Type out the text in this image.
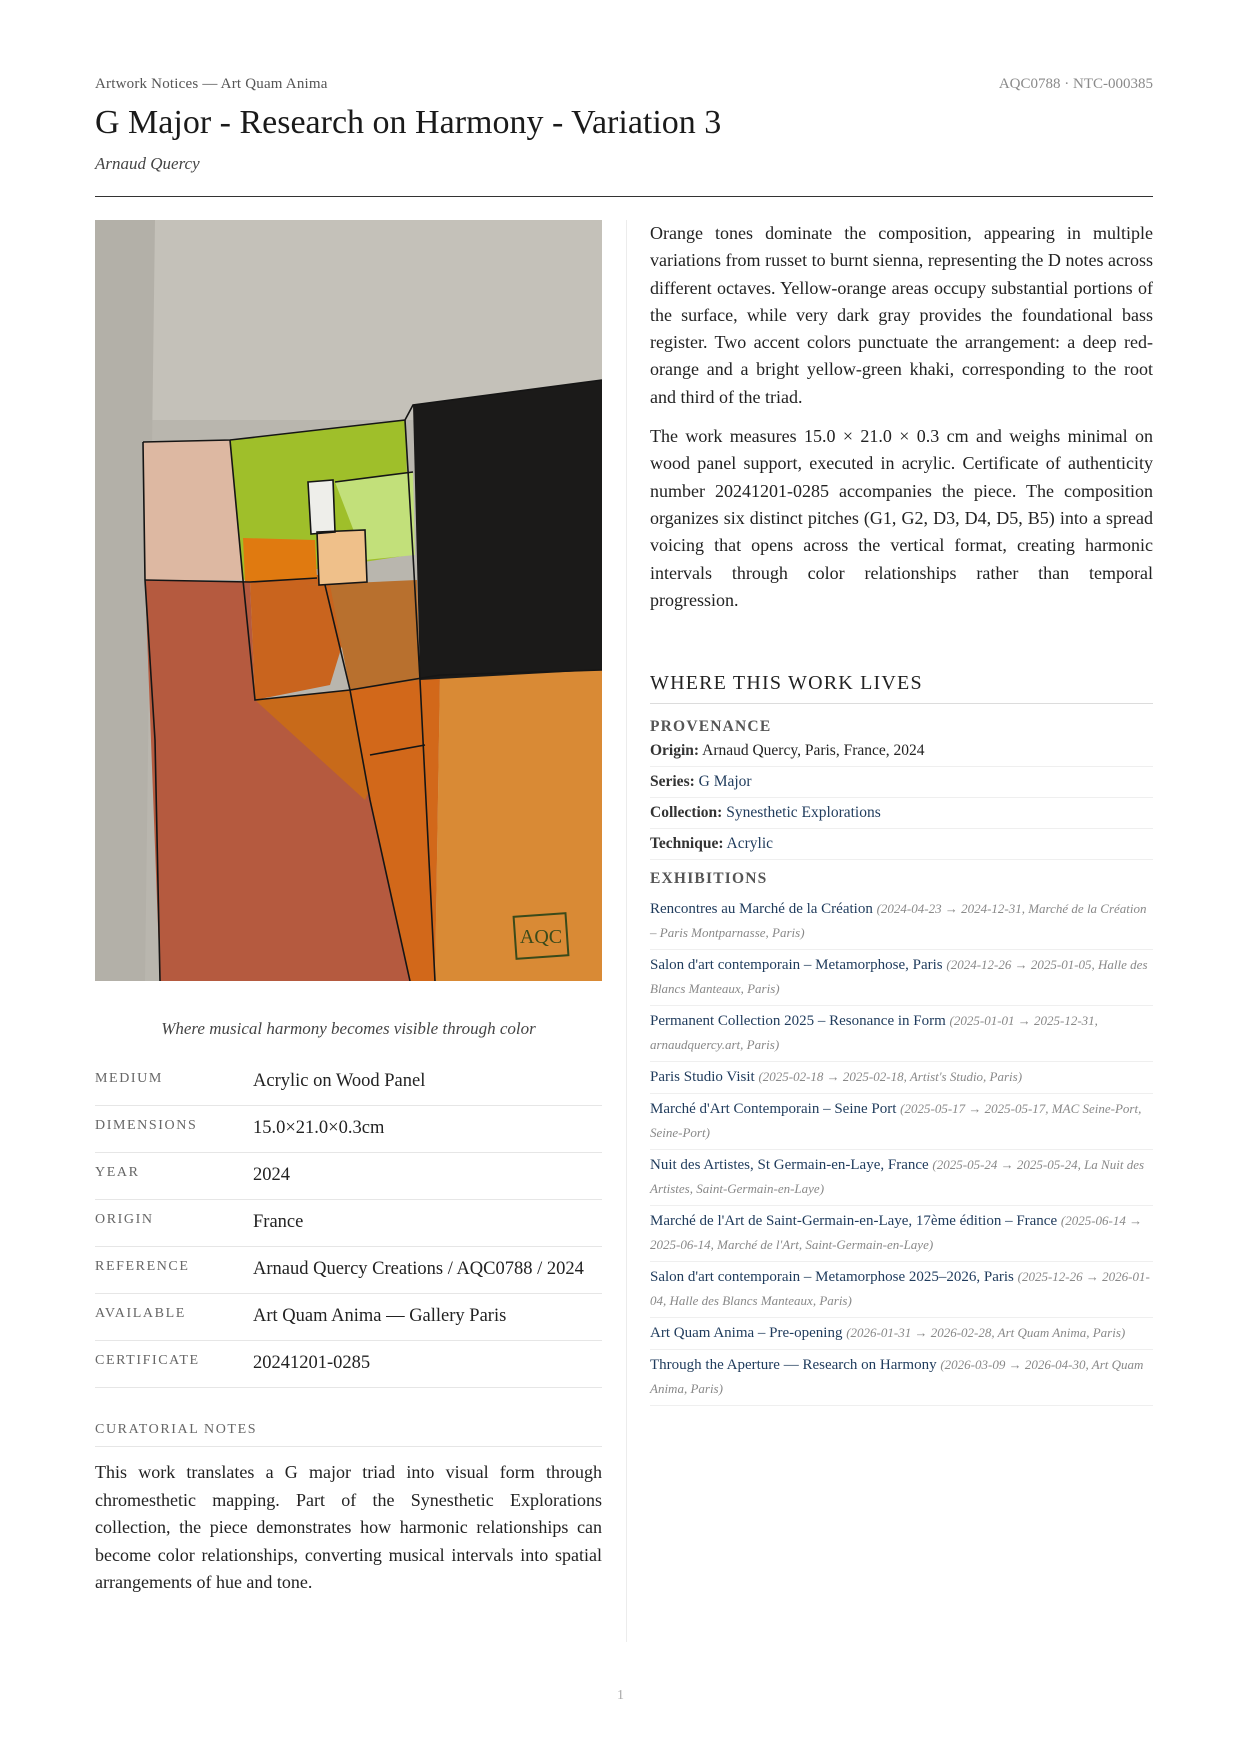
Artwork Notices — Art Quam Anima	AQC0788 · NTC-000385
G Major - Research on Harmony - Variation 3
Arnaud Quercy
AQC
Where musical harmony becomes visible through color
MEDIUM	Acrylic on Wood Panel
DIMENSIONS	15.0×21.0×0.3cm
YEAR	2024
ORIGIN	France
REFERENCE	Arnaud Quercy Creations / AQC0788 / 2024
AVAILABLE	Art Quam Anima — Gallery Paris
CERTIFICATE	20241201-0285
CURATORIAL NOTES
This work translates a G major triad into visual form through chromesthetic mapping. Part of the Synesthetic Explorations collection, the piece demonstrates how harmonic relationships can become color relationships, converting musical intervals into spatial arrangements of hue and tone.

Orange tones dominate the composition, appearing in multiple variations from russet to burnt sienna, representing the D notes across different octaves. Yellow-orange areas occupy substantial portions of the surface, while very dark gray provides the foundational bass register. Two accent colors punctuate the arrangement: a deep red-orange and a bright yellow-green khaki, corresponding to the root and third of the triad.

The work measures 15.0 × 21.0 × 0.3 cm and weighs minimal on wood panel support, executed in acrylic. Certificate of authenticity number 20241201-0285 accompanies the piece. The composition organizes six distinct pitches (G1, G2, D3, D4, D5, B5) into a spread voicing that opens across the vertical format, creating harmonic intervals through color relationships rather than temporal progression.

WHERE THIS WORK LIVES
PROVENANCE
Origin: Arnaud Quercy, Paris, France, 2024
Series: G Major
Collection: Synesthetic Explorations
Technique: Acrylic
EXHIBITIONS
Rencontres au Marché de la Création (2024-04-23 → 2024-12-31, Marché de la Création – Paris Montparnasse, Paris)
Salon d'art contemporain – Metamorphose, Paris (2024-12-26 → 2025-01-05, Halle des Blancs Manteaux, Paris)
Permanent Collection 2025 – Resonance in Form (2025-01-01 → 2025-12-31, arnaudquercy.art, Paris)
Paris Studio Visit (2025-02-18 → 2025-02-18, Artist's Studio, Paris)
Marché d'Art Contemporain – Seine Port (2025-05-17 → 2025-05-17, MAC Seine-Port, Seine-Port)
Nuit des Artistes, St Germain-en-Laye, France (2025-05-24 → 2025-05-24, La Nuit des Artistes, Saint-Germain-en-Laye)
Marché de l'Art de Saint-Germain-en-Laye, 17ème édition – France (2025-06-14 → 2025-06-14, Marché de l'Art, Saint-Germain-en-Laye)
Salon d'art contemporain – Metamorphose 2025–2026, Paris (2025-12-26 → 2026-01-04, Halle des Blancs Manteaux, Paris)
Art Quam Anima – Pre-opening (2026-01-31 → 2026-02-28, Art Quam Anima, Paris)
Through the Aperture — Research on Harmony (2026-03-09 → 2026-04-30, Art Quam Anima, Paris)
1
